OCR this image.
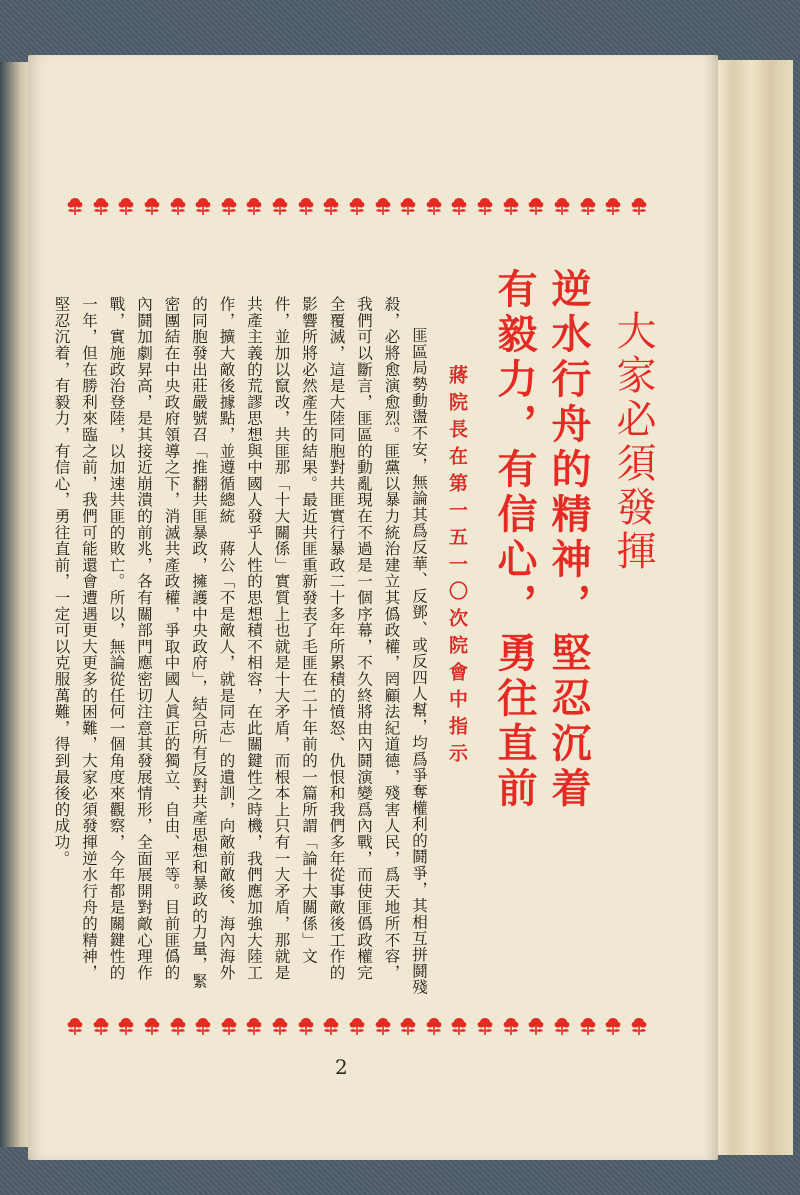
大家必須發揮
逆水行舟的精神，
有毅力，有信心，
堅忍沉着
勇往直前
蔣院長在第一五一〇次院會中指示

匪區局勢動盪不安，無論其爲反華、反鄧、或反四人幫，均爲爭奪權利的鬪爭，其相互拼鬪殘殺，必將愈演愈烈。匪黨以暴力統治建立其僞政權，罔顧法紀道德，殘害人民，爲天地所不容，我們可以斷言，匪區的動亂現在不過是一個序幕，不久終將由內鬪演變爲內戰，而使匪僞政權完全覆滅，這是大陸同胞對共匪實行暴政二十多年所累積的憤怒、仇恨和我們多年從事敵後工作的影響所將必然產生的結果。最近共匪重新發表了毛匪在二十年前的一篇所謂「論十大關係」文件，並加以竄改，共匪那「十大關係」實質上也就是十大矛盾，而根本上只有一大矛盾，那就是共產主義的荒謬思想與中國人發乎人性的思想積不相容，在此關鍵性之時機，我們應加強大陸工作，擴大敵後據點，並遵循總統　蔣公「不是敵人，就是同志」的遺訓，向敵前敵後、海內海外的同胞發出莊嚴號召「推翻共匪暴政，擁護中央政府」，結合所有反對共產思想和暴政的力量，緊密團結在中央政府領導之下，消滅共產政權，爭取中國人眞正的獨立、自由、平等。目前匪僞的內鬪加劇昇高，是其接近崩潰的前兆，各有關部門應密切注意其發展情形，全面展開對敵心理作戰，實施政治登陸，以加速共匪的敗亡。所以，無論從任何一個角度來觀察，今年都是關鍵性的一年，但在勝利來臨之前，我們可能還會遭遇更大更多的困難，大家必須發揮逆水行舟的精神，堅忍沉着，有毅力，有信心，勇往直前，一定可以克服萬難，得到最後的成功。

2
